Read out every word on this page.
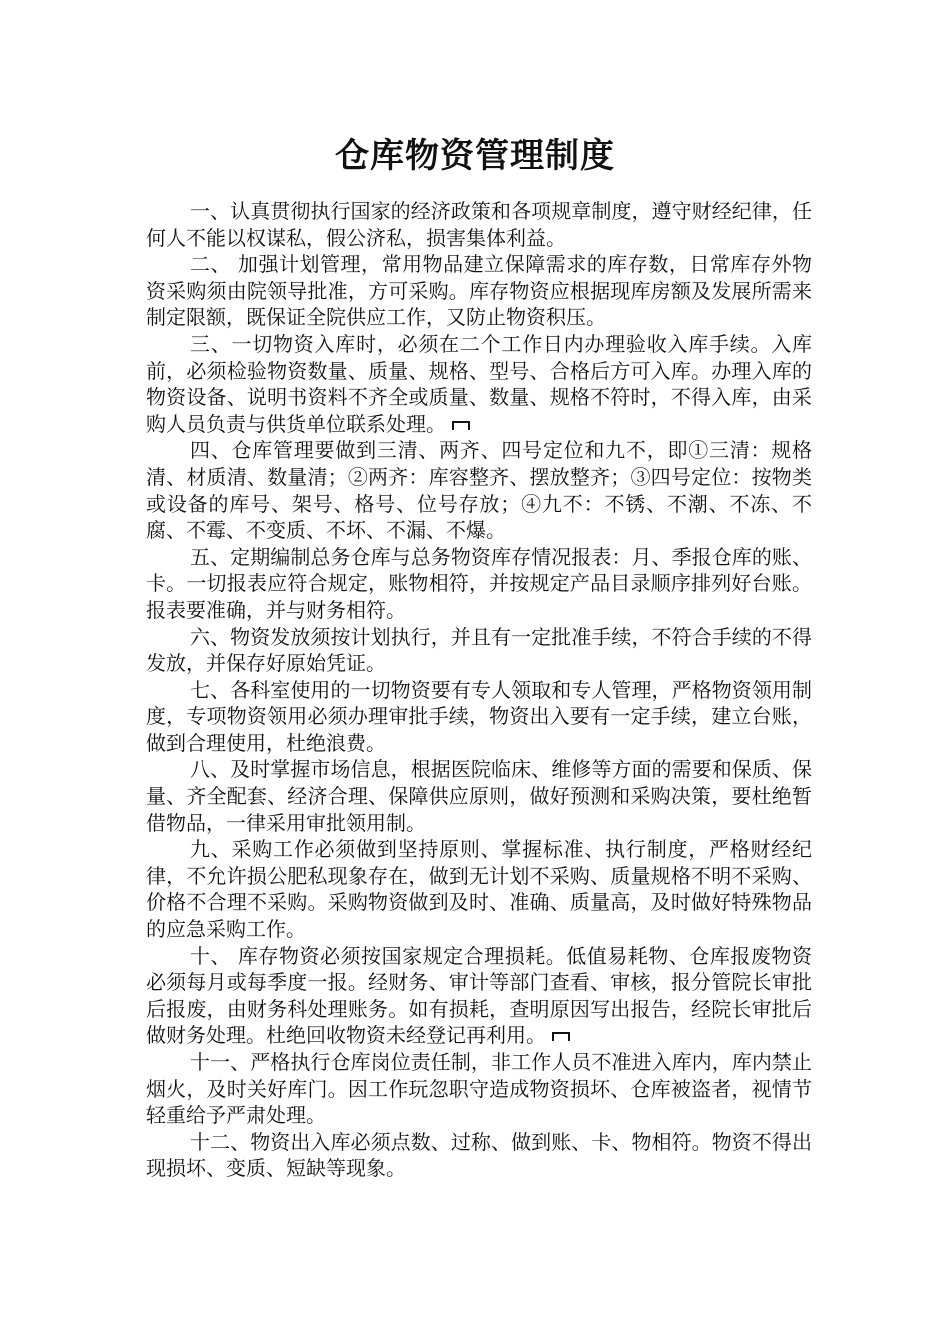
仓库物资管理制度

一、认真贯彻执行国家的经济政策和各项规章制度，遵守财经纪律，任何人不能以权谋私，假公济私，损害集体利益。

二、 加强计划管理，常用物品建立保障需求的库存数，日常库存外物资采购须由院领导批准，方可采购。库存物资应根据现库房额及发展所需来制定限额，既保证全院供应工作，又防止物资积压。

三、一切物资入库时，必须在二个工作日内办理验收入库手续。入库前，必须检验物资数量、质量、规格、型号、合格后方可入库。办理入库的物资设备、说明书资料不齐全或质量、数量、规格不符时，不得入库，由采购人员负责与供货单位联系处理。

四、仓库管理要做到三清、两齐、四号定位和九不，即①三清：规格清、材质清、数量清；②两齐：库容整齐、摆放整齐；③四号定位：按物类或设备的库号、架号、格号、位号存放；④九不：不锈、不潮、不冻、不腐、不霉、不变质、不坏、不漏、不爆。

五、定期编制总务仓库与总务物资库存情况报表：月、季报仓库的账、卡。一切报表应符合规定，账物相符，并按规定产品目录顺序排列好台账。报表要准确，并与财务相符。

六、物资发放须按计划执行，并且有一定批准手续，不符合手续的不得发放，并保存好原始凭证。

七、各科室使用的一切物资要有专人领取和专人管理，严格物资领用制度，专项物资领用必须办理审批手续，物资出入要有一定手续，建立台账，做到合理使用，杜绝浪费。

八、及时掌握市场信息，根据医院临床、维修等方面的需要和保质、保量、齐全配套、经济合理、保障供应原则，做好预测和采购决策，要杜绝暂借物品，一律采用审批领用制。

九、采购工作必须做到坚持原则、掌握标准、执行制度，严格财经纪律，不允许损公肥私现象存在，做到无计划不采购、质量规格不明不采购、价格不合理不采购。采购物资做到及时、准确、质量高，及时做好特殊物品的应急采购工作。

十、 库存物资必须按国家规定合理损耗。低值易耗物、仓库报废物资必须每月或每季度一报。经财务、审计等部门查看、审核，报分管院长审批后报废，由财务科处理账务。如有损耗，查明原因写出报告，经院长审批后做财务处理。杜绝回收物资未经登记再利用。

十一、严格执行仓库岗位责任制，非工作人员不准进入库内，库内禁止烟火，及时关好库门。因工作玩忽职守造成物资损坏、仓库被盗者，视情节轻重给予严肃处理。

十二、物资出入库必须点数、过称、做到账、卡、物相符。物资不得出现损坏、变质、短缺等现象。
